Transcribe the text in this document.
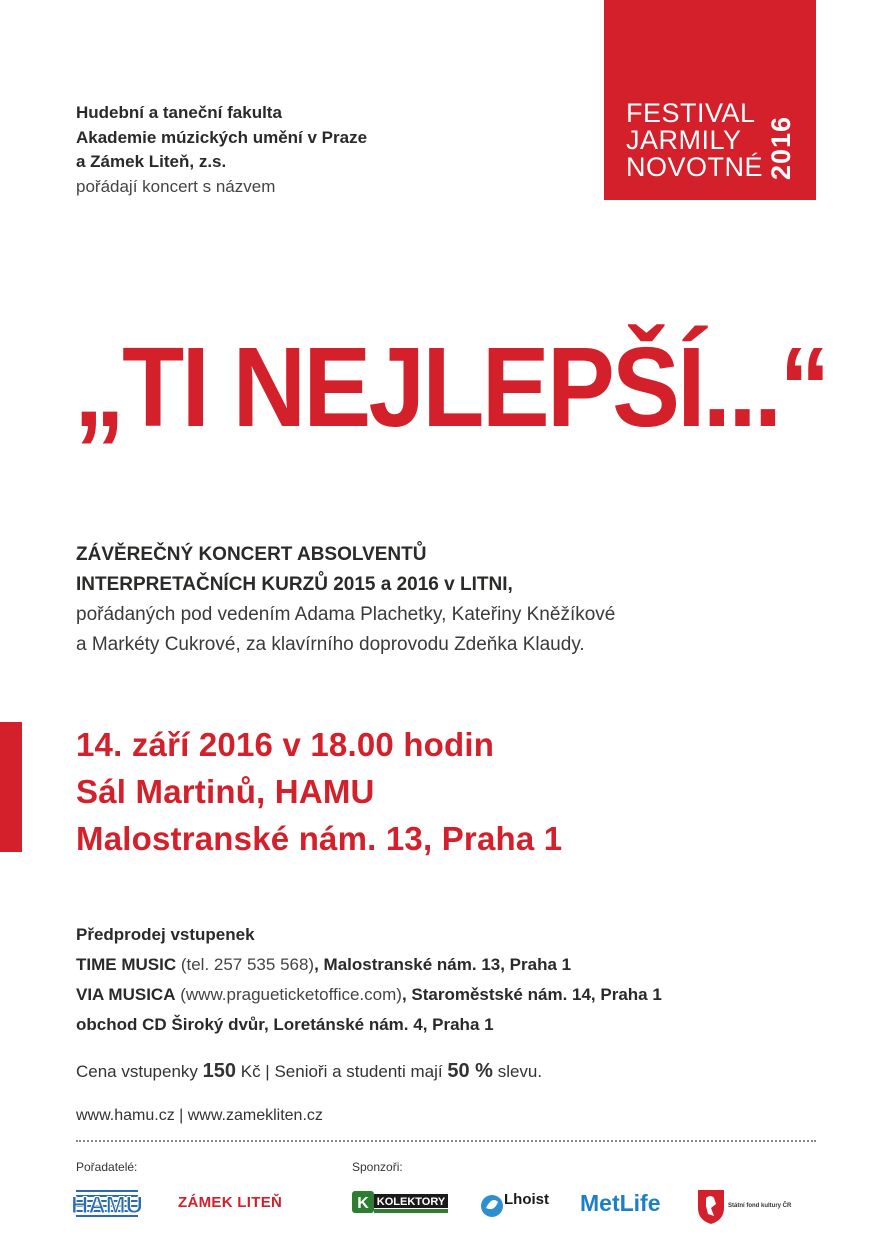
FESTIVAL
JARMILY
NOVOTNÉ 2016
Hudební a taneční fakulta
Akademie múzických umění v Praze
a Zámek Liteň, z.s.
pořádají koncert s názvem
„TI NEJLEPŠÍ...“
ZÁVĚREČNÝ KONCERT ABSOLVENTŮ
INTERPRETAČNÍCH KURZŮ 2015 a 2016 v LITNI,
pořádaných pod vedením Adama Plachetky, Kateřiny Kněžíkové
a Markéty Cukrové, za klavírního doprovodu Zdeňka Klaudy.
14. září 2016 v 18.00 hodin
Sál Martinů, HAMU
Malostranské nám. 13, Praha 1
Předprodej vstupenek
TIME MUSIC (tel. 257 535 568), Malostranské nám. 13, Praha 1
VIA MUSICA (www.pragueticketoffice.com), Staroměstské nám. 14, Praha 1
obchod CD Široký dvůr, Loretánské nám. 4, Praha 1
Cena vstupenky 150 Kč | Senioři a studenti mají 50 % slevu.
www.hamu.cz | www.zamekliten.cz
Pořadatelé:	Sponzoři:
HAMU ZÁMEK LITEŇ	K KOLEKTORY	Lhoist MetLife	Státní fond kultury ČR
